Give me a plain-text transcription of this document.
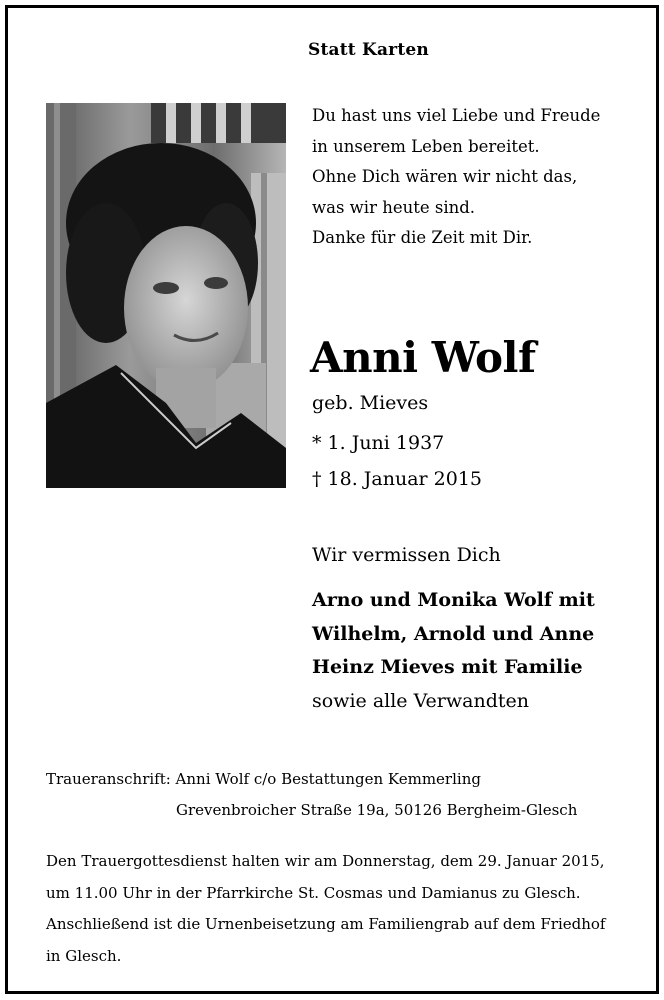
Statt Karten
Du hast uns viel Liebe und Freude
in unserem Leben bereitet.
Ohne Dich wären wir nicht das,
was wir heute sind.
Danke für die Zeit mit Dir.
Anni Wolf
geb. Mieves
* 1. Juni 1937
† 18. Januar 2015
Wir vermissen Dich
Arno und Monika Wolf mit
Wilhelm, Arnold und Anne
Heinz Mieves mit Familie
sowie alle Verwandten
Traueranschrift: Anni Wolf c/o Bestattungen Kemmerling
Grevenbroicher Straße 19a, 50126 Bergheim-Glesch
Den Trauergottesdienst halten wir am Donnerstag, dem 29. Januar 2015,
um 11.00 Uhr in der Pfarrkirche St. Cosmas und Damianus zu Glesch.
Anschließend ist die Urnenbeisetzung am Familiengrab auf dem Friedhof
in Glesch.
